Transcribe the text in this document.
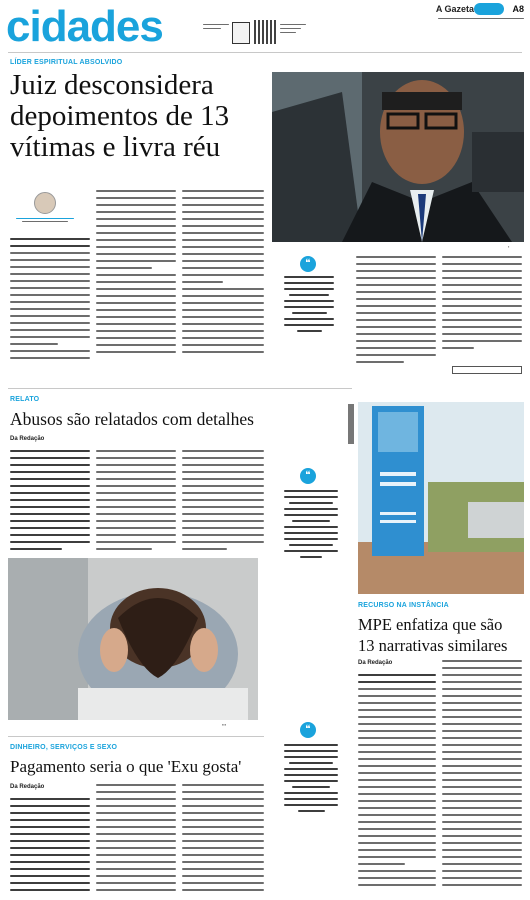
cidades	A Gazeta	A8
LÍDER ESPIRITUAL ABSOLVIDO
Juiz desconsidera
depoimentos de 13
vítimas e livra réu
▪
❝
RELATO
Abusos são relatados com detalhes
Da Redação
❝
▪▪▪
RECURSO NA INSTÂNCIA
MPE enfatiza que são
13 narrativas similares
Da Redação
❝
DINHEIRO, SERVIÇOS E SEXO
Pagamento seria o que 'Exu gosta'
Da Redação
